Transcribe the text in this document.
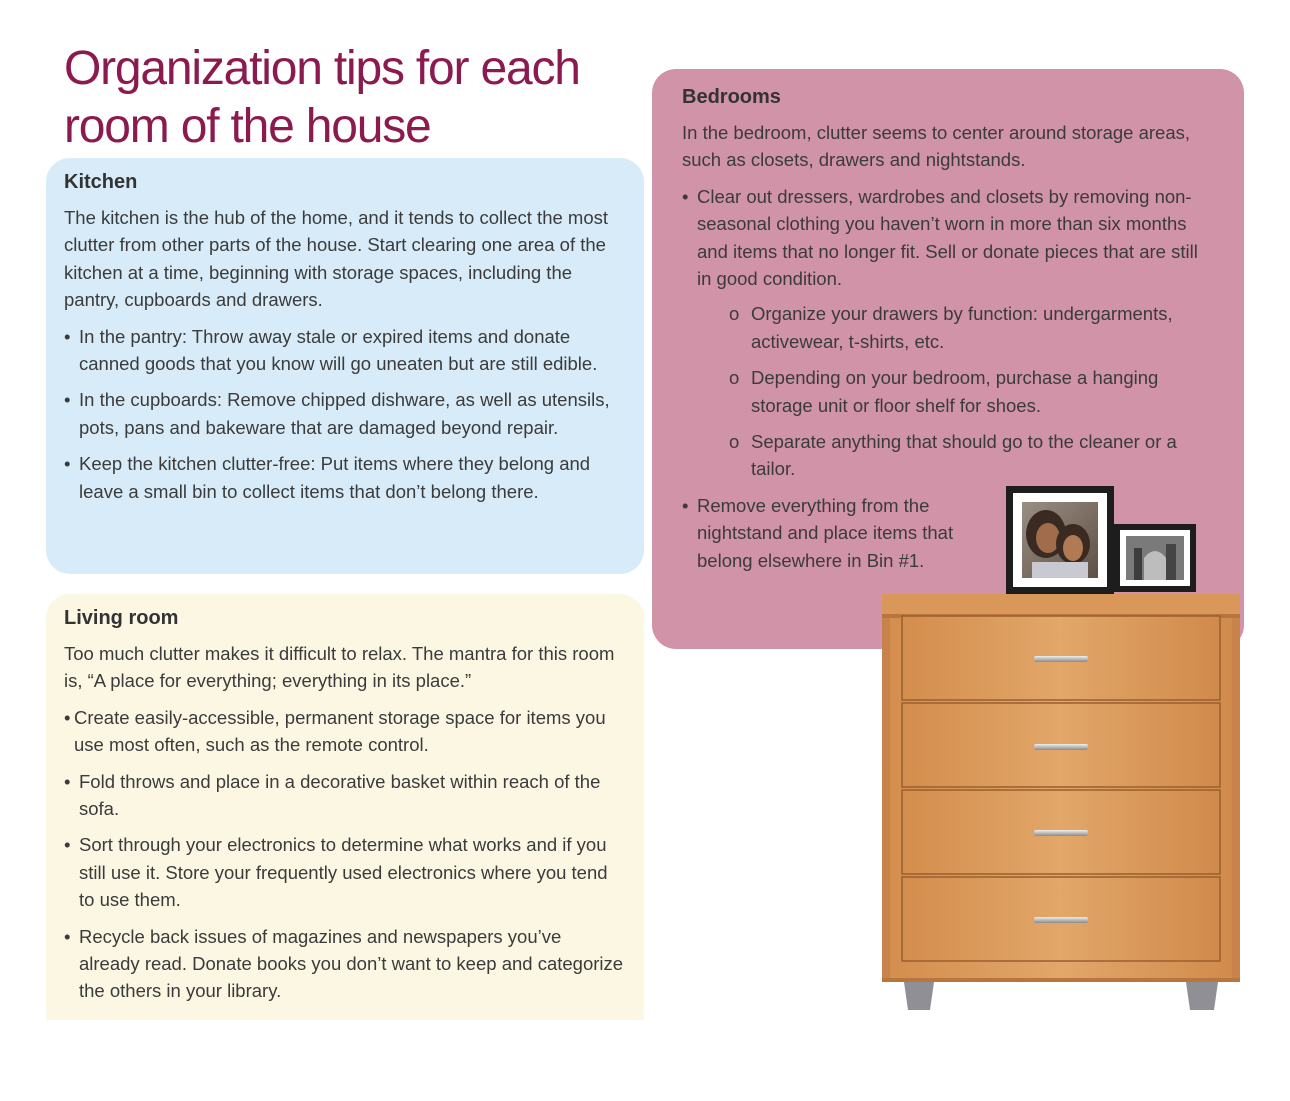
Organization tips for each room of the house
Kitchen

The kitchen is the hub of the home, and it tends to collect the most clutter from other parts of the house. Start clearing one area of the kitchen at a time, beginning with storage spaces, including the pantry, cupboards and drawers.

• In the pantry: Throw away stale or expired items and donate canned goods that you know will go uneaten but are still edible.
• In the cupboards: Remove chipped dishware, as well as utensils, pots, pans and bakeware that are damaged beyond repair.
• Keep the kitchen clutter-free: Put items where they belong and leave a small bin to collect items that don’t belong there.
Living room

Too much clutter makes it difficult to relax. The mantra for this room is, “A place for everything; everything in its place.”

• Create easily-accessible, permanent storage space for items you use most often, such as the remote control.
• Fold throws and place in a decorative basket within reach of the sofa.
• Sort through your electronics to determine what works and if you still use it. Store your frequently used electronics where you tend to use them.
• Recycle back issues of magazines and newspapers you’ve already read. Donate books you don’t want to keep and categorize the others in your library.
Bedrooms

In the bedroom, clutter seems to center around storage areas, such as closets, drawers and nightstands.

• Clear out dressers, wardrobes and closets by removing non-seasonal clothing you haven’t worn in more than six months and items that no longer fit. Sell or donate pieces that are still in good condition.
o Organize your drawers by function: undergarments, activewear, t-shirts, etc.
o Depending on your bedroom, purchase a hanging storage unit or floor shelf for shoes.
o Separate anything that should go to the cleaner or a tailor.
• Remove everything from the nightstand and place items that belong elsewhere in Bin #1.
